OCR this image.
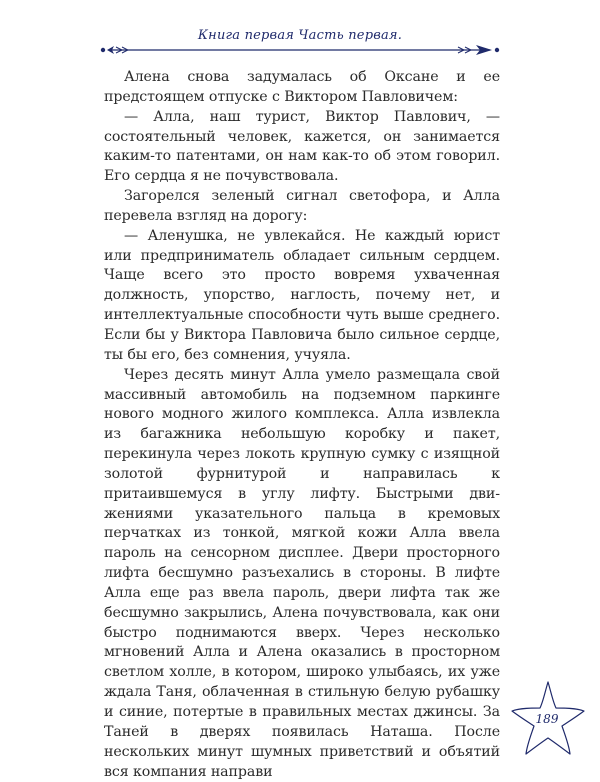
Книга первая Часть первая.

Алена снова задумалась об Оксане и ее предстоящем отпуске с Виктором Павловичем:

— Алла, наш турист, Виктор Павлович, — состоятельный человек, кажется, он занимается каким-то патентами, он нам как-то об этом говорил. Его сердца я не почувствовала.

Загорелся зеленый сигнал светофора, и Алла перевела взгляд на дорогу:

— Аленушка, не увлекайся. Не каждый юрист или предприниматель обладает сильным сердцем. Чаще всего это просто вовремя ухваченная должность, упорство, наглость, почему нет, и интеллектуальные способности чуть выше среднего. Если бы у Виктора Павловича было сильное сердце, ты бы его, без сомнения, учуяла.

Через десять минут Алла умело размещала свой массивный автомобиль на подземном паркинге нового модного жилого комплекса. Алла извлекла из багажника небольшую коробку и пакет, перекинула через локоть крупную сумку с изящной золотой фурнитурой и направилась к притаившемуся в углу лифту. Быстрыми движениями указательного пальца в кремовых перчатках из тонкой, мягкой кожи Алла ввела пароль на сенсорном дисплее. Двери просторного лифта бесшумно разъехались в стороны. В лифте Алла еще раз ввела пароль, двери лифта так же бесшумно закрылись, Алена почувствовала, как они быстро поднимаются вверх. Через несколько мгновений Алла и Алена оказались в просторном светлом холле, в котором, широко улыбаясь, их уже ждала Таня, облаченная в стильную белую рубашку и синие, потертые в правильных местах джинсы. За Таней в дверях появилась Наташа. После нескольких минут шумных приветствий и объятий вся компания направи

189
